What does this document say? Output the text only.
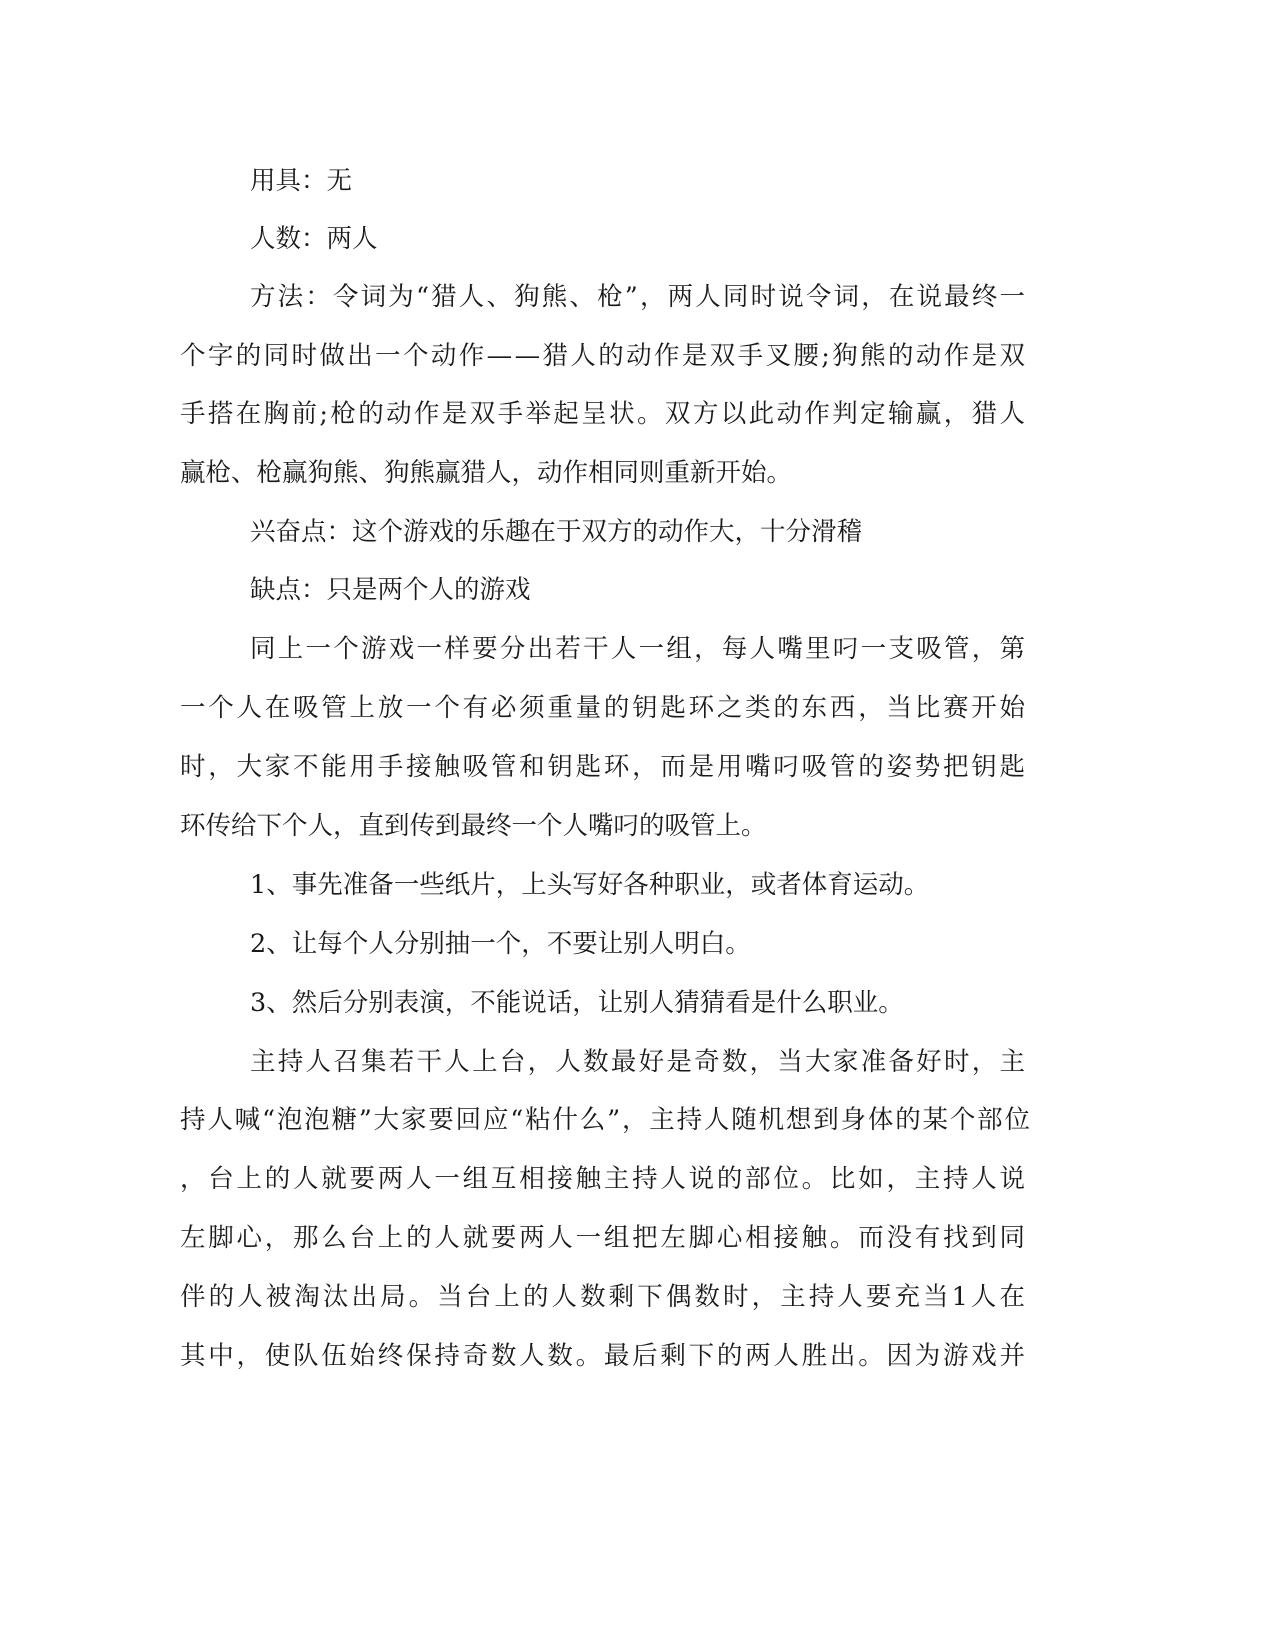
用具：无
人数：两人
方法：令词为“猎人、狗熊、枪”，两人同时说令词，在说最终一
个字的同时做出一个动作——猎人的动作是双手叉腰;狗熊的动作是双
手搭在胸前;枪的动作是双手举起呈状。双方以此动作判定输赢，猎人
赢枪、枪赢狗熊、狗熊赢猎人，动作相同则重新开始。
兴奋点：这个游戏的乐趣在于双方的动作大，十分滑稽
缺点：只是两个人的游戏
同上一个游戏一样要分出若干人一组，每人嘴里叼一支吸管，第
一个人在吸管上放一个有必须重量的钥匙环之类的东西，当比赛开始
时，大家不能用手接触吸管和钥匙环，而是用嘴叼吸管的姿势把钥匙
环传给下个人，直到传到最终一个人嘴叼的吸管上。
1、事先准备一些纸片，上头写好各种职业，或者体育运动。
2、让每个人分别抽一个，不要让别人明白。
3、然后分别表演，不能说话，让别人猜猜看是什么职业。
主持人召集若干人上台，人数最好是奇数，当大家准备好时，主
持人喊“泡泡糖”大家要回应“粘什么”，主持人随机想到身体的某个部位
，台上的人就要两人一组互相接触主持人说的部位。比如，主持人说
左脚心，那么台上的人就要两人一组把左脚心相接触。而没有找到同
伴的人被淘汰出局。当台上的人数剩下偶数时，主持人要充当1人在
其中，使队伍始终保持奇数人数。最后剩下的两人胜出。因为游戏并
